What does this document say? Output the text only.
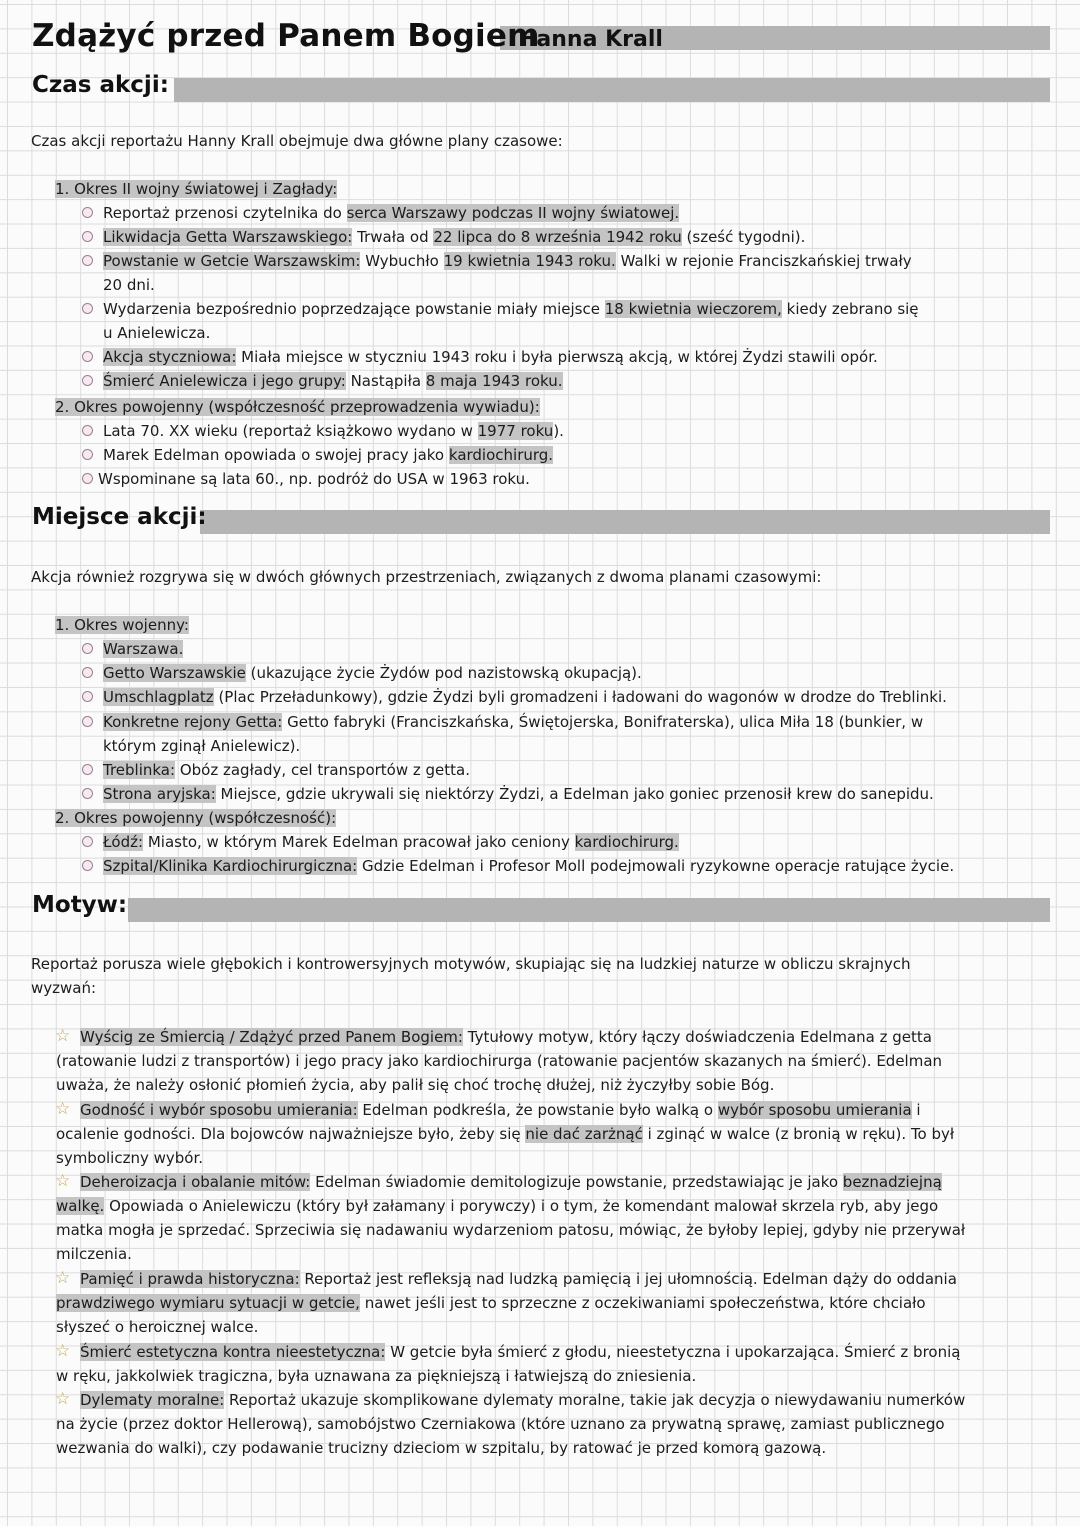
Zdążyć przed Panem Bogiem
Hanna Krall
Czas akcji:
Czas akcji reportażu Hanny Krall obejmuje dwa główne plany czasowe:
1. Okres II wojny światowej i Zagłady:
Reportaż przenosi czytelnika do serca Warszawy podczas II wojny światowej.
Likwidacja Getta Warszawskiego: Trwała od 22 lipca do 8 września 1942 roku (sześć tygodni).
Powstanie w Getcie Warszawskim: Wybuchło 19 kwietnia 1943 roku. Walki w rejonie Franciszkańskiej trwały
20 dni.
Wydarzenia bezpośrednio poprzedzające powstanie miały miejsce 18 kwietnia wieczorem, kiedy zebrano się
u Anielewicza.
Akcja styczniowa: Miała miejsce w styczniu 1943 roku i była pierwszą akcją, w której Żydzi stawili opór.
Śmierć Anielewicza i jego grupy: Nastąpiła 8 maja 1943 roku.
2. Okres powojenny (współczesność przeprowadzenia wywiadu):
Lata 70. XX wieku (reportaż książkowo wydano w 1977 roku).
Marek Edelman opowiada o swojej pracy jako kardiochirurg.
Wspominane są lata 60., np. podróż do USA w 1963 roku.
Miejsce akcji:
Akcja również rozgrywa się w dwóch głównych przestrzeniach, związanych z dwoma planami czasowymi:
1. Okres wojenny:
Warszawa.
Getto Warszawskie (ukazujące życie Żydów pod nazistowską okupacją).
Umschlagplatz (Plac Przeładunkowy), gdzie Żydzi byli gromadzeni i ładowani do wagonów w drodze do Treblinki.
Konkretne rejony Getta: Getto fabryki (Franciszkańska, Świętojerska, Bonifraterska), ulica Miła 18 (bunkier, w
którym zginął Anielewicz).
Treblinka: Obóz zagłady, cel transportów z getta.
Strona aryjska: Miejsce, gdzie ukrywali się niektórzy Żydzi, a Edelman jako goniec przenosił krew do sanepidu.
2. Okres powojenny (współczesność):
Łódź: Miasto, w którym Marek Edelman pracował jako ceniony kardiochirurg.
Szpital/Klinika Kardiochirurgiczna: Gdzie Edelman i Profesor Moll podejmowali ryzykowne operacje ratujące życie.
Motyw:
Reportaż porusza wiele głębokich i kontrowersyjnych motywów, skupiając się na ludzkiej naturze w obliczu skrajnych
wyzwań:
☆ Wyścig ze Śmiercią / Zdążyć przed Panem Bogiem: Tytułowy motyw, który łączy doświadczenia Edelmana z getta
(ratowanie ludzi z transportów) i jego pracy jako kardiochirurga (ratowanie pacjentów skazanych na śmierć). Edelman
uważa, że należy osłonić płomień życia, aby palił się choć trochę dłużej, niż życzyłby sobie Bóg.
☆ Godność i wybór sposobu umierania: Edelman podkreśla, że powstanie było walką o wybór sposobu umierania i
ocalenie godności. Dla bojowców najważniejsze było, żeby się nie dać zarżnąć i zginąć w walce (z bronią w ręku). To był
symboliczny wybór.
☆ Deheroizacja i obalanie mitów: Edelman świadomie demitologizuje powstanie, przedstawiając je jako beznadziejną
walkę. Opowiada o Anielewiczu (który był załamany i porywczy) i o tym, że komendant malował skrzela ryb, aby jego
matka mogła je sprzedać. Sprzeciwia się nadawaniu wydarzeniom patosu, mówiąc, że byłoby lepiej, gdyby nie przerywał
milczenia.
☆ Pamięć i prawda historyczna: Reportaż jest refleksją nad ludzką pamięcią i jej ułomnością. Edelman dąży do oddania
prawdziwego wymiaru sytuacji w getcie, nawet jeśli jest to sprzeczne z oczekiwaniami społeczeństwa, które chciało
słyszeć o heroicznej walce.
☆ Śmierć estetyczna kontra nieestetyczna: W getcie była śmierć z głodu, nieestetyczna i upokarzająca. Śmierć z bronią
w ręku, jakkolwiek tragiczna, była uznawana za piękniejszą i łatwiejszą do zniesienia.
☆ Dylematy moralne: Reportaż ukazuje skomplikowane dylematy moralne, takie jak decyzja o niewydawaniu numerków
na życie (przez doktor Hellerową), samobójstwo Czerniakowa (które uznano za prywatną sprawę, zamiast publicznego
wezwania do walki), czy podawanie trucizny dzieciom w szpitalu, by ratować je przed komorą gazową.
